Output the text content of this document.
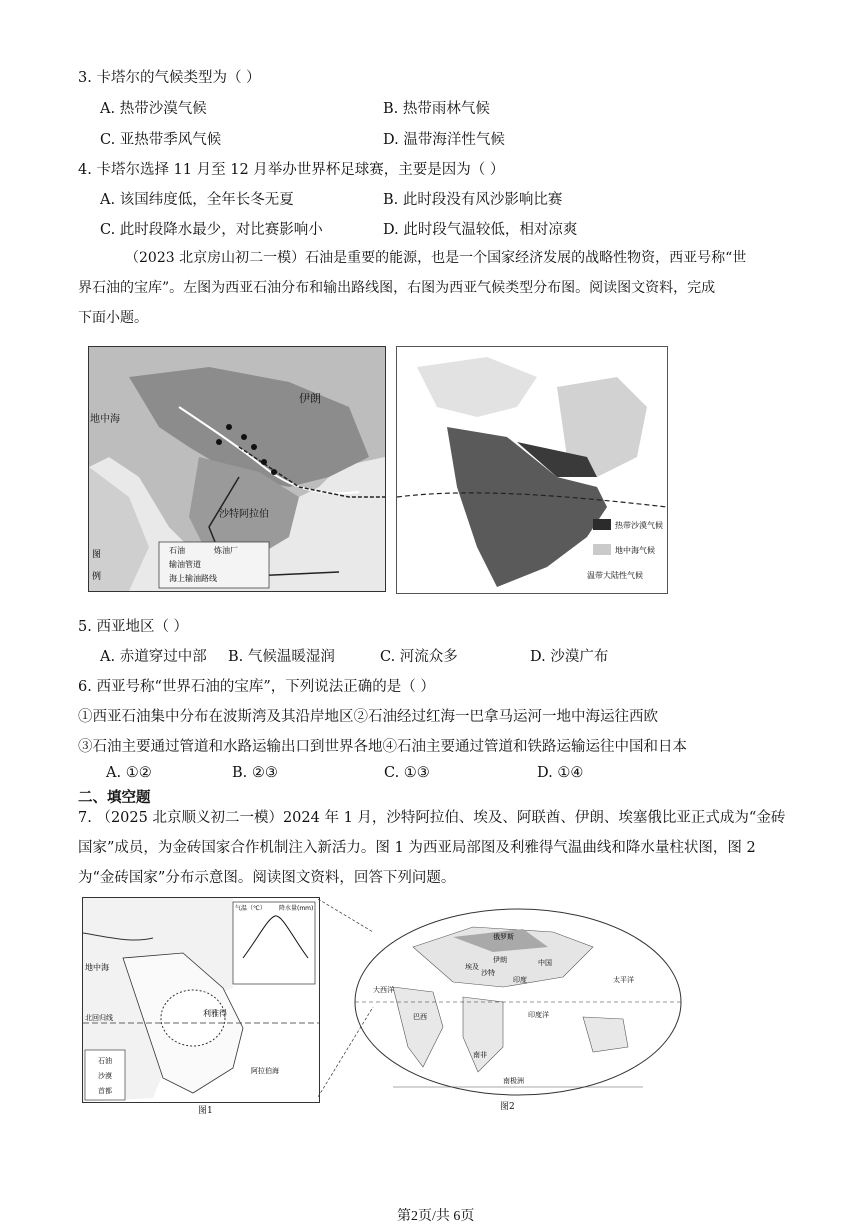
3. 卡塔尔的气候类型为（ ）
A. 热带沙漠气候	B. 热带雨林气候
C. 亚热带季风气候	D. 温带海洋性气候
4. 卡塔尔选择 11 月至 12 月举办世界杯足球赛，主要是因为（ ）
A. 该国纬度低，全年长冬无夏	B. 此时段没有风沙影响比赛
C. 此时段降水最少，对比赛影响小	D. 此时段气温较低，相对凉爽
（2023 北京房山初二一模）石油是重要的能源，也是一个国家经济发展的战略性物资，西亚号称“世
界石油的宝库”。左图为西亚石油分布和输出路线图，右图为西亚气候类型分布图。阅读图文资料，完成
下面小题。
地中海
伊朗
沙特阿拉伯
图
例
石油	炼油厂
输油管道
海上输油路线
热带沙漠气候
地中海气候
温带大陆性气候
5. 西亚地区（ ）
A. 赤道穿过中部 B. 气候温暖湿润	C. 河流众多	D. 沙漠广布
6. 西亚号称“世界石油的宝库”，下列说法正确的是（ ）
①西亚石油集中分布在波斯湾及其沿岸地区②石油经过红海一巴拿马运河一地中海运往西欧
③石油主要通过管道和水路运输出口到世界各地④石油主要通过管道和铁路运输运往中国和日本
A. ①②	B. ②③	C. ①③	D. ①④
二、填空题
7. （2025 北京顺义初二一模）2024 年 1 月，沙特阿拉伯、埃及、阿联酋、伊朗、埃塞俄比亚正式成为“金砖
国家”成员，为金砖国家合作机制注入新活力。图 1 为西亚局部图及利雅得气温曲线和降水量柱状图，图 2
为“金砖国家”分布示意图。阅读图文资料，回答下列问题。
地中海
利雅得
北回归线
阿拉伯海
石油
沙漠
首都
气温（℃） 降水量(mm)
图1
俄罗斯
中国
印度
巴西
南非
埃及
沙特
伊朗
大西洋
太平洋
印度洋
南极洲
图2
第2页/共 6页
